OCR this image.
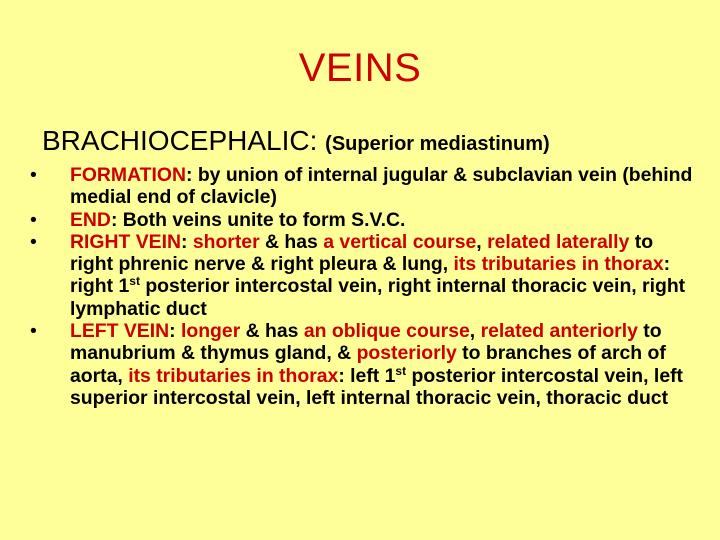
VEINS
BRACHIOCEPHALIC: (Superior mediastinum)
• FORMATION: by union of internal jugular & subclavian vein (behind medial end of clavicle)
• END: Both veins unite to form S.V.C.
• RIGHT VEIN: shorter & has a vertical course, related laterally to right phrenic nerve & right pleura & lung, its tributaries in thorax: right 1st posterior intercostal vein, right internal thoracic vein, right lymphatic duct
• LEFT VEIN: longer & has an oblique course, related anteriorly to manubrium & thymus gland, & posteriorly to branches of arch of aorta, its tributaries in thorax: left 1st posterior intercostal vein, left superior intercostal vein, left internal thoracic vein, thoracic duct
